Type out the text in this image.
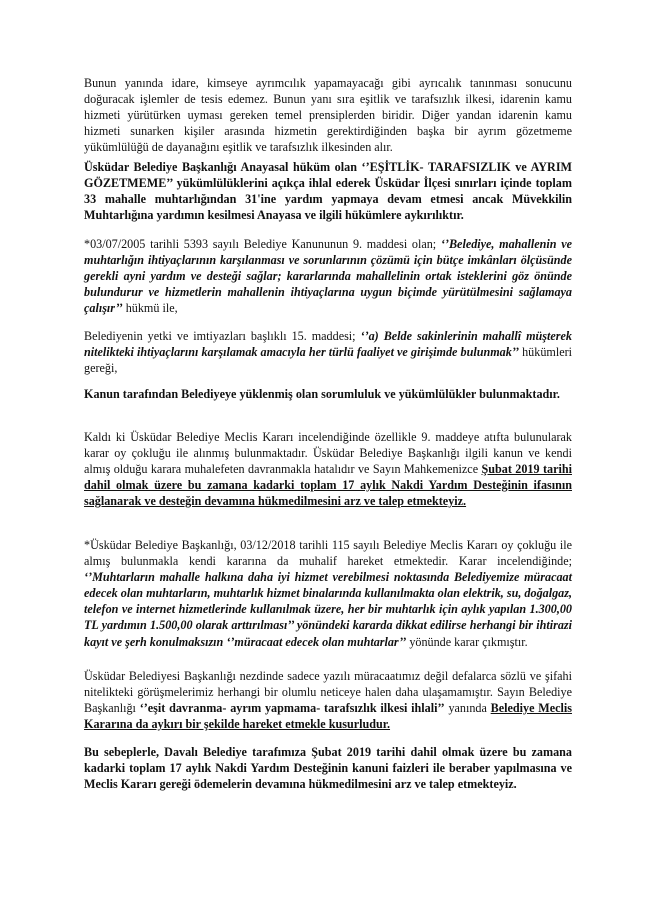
Bunun yanında idare, kimseye ayrımcılık yapamayacağı gibi ayrıcalık tanınması sonucunu doğuracak işlemler de tesis edemez. Bunun yanı sıra eşitlik ve tarafsızlık ilkesi, idarenin kamu hizmeti yürütürken uyması gereken temel prensiplerden biridir. Diğer yandan idarenin kamu hizmeti sunarken kişiler arasında hizmetin gerektirdiğinden başka bir ayrım gözetmeme yükümlülüğü de dayanağını eşitlik ve tarafsızlık ilkesinden alır.

Üsküdar Belediye Başkanlığı Anayasal hüküm olan ‘’EŞİTLİK- TARAFSIZLIK ve AYRIM GÖZETMEME’’ yükümlülüklerini açıkça ihlal ederek Üsküdar İlçesi sınırları içinde toplam 33 mahalle muhtarlığından 31'ine yardım yapmaya devam etmesi ancak Müvekkilin Muhtarlığına yardımın kesilmesi Anayasa ve ilgili hükümlere aykırılıktır.

*03/07/2005 tarihli 5393 sayılı Belediye Kanununun 9. maddesi olan; ‘’Belediye, mahallenin ve muhtarlığın ihtiyaçlarının karşılanması ve sorunlarının çözümü için bütçe imkânları ölçüsünde gerekli ayni yardım ve desteği sağlar; kararlarında mahallelinin ortak isteklerini göz önünde bulundurur ve hizmetlerin mahallenin ihtiyaçlarına uygun biçimde yürütülmesini sağlamaya çalışır’’ hükmü ile,

Belediyenin yetki ve imtiyazları başlıklı 15. maddesi; ‘’a) Belde sakinlerinin mahallî müşterek nitelikteki ihtiyaçlarını karşılamak amacıyla her türlü faaliyet ve girişimde bulunmak’’ hükümleri gereği,

Kanun tarafından Belediyeye yüklenmiş olan sorumluluk ve yükümlülükler bulunmaktadır.

Kaldı ki Üsküdar Belediye Meclis Kararı incelendiğinde özellikle 9. maddeye atıfta bulunularak karar oy çokluğu ile alınmış bulunmaktadır. Üsküdar Belediye Başkanlığı ilgili kanun ve kendi almış olduğu karara muhalefeten davranmakla hatalıdır ve Sayın Mahkemenizce Şubat 2019 tarihi dahil olmak üzere bu zamana kadarki toplam 17 aylık Nakdi Yardım Desteğinin ifasının sağlanarak ve desteğin devamına hükmedilmesini arz ve talep etmekteyiz.

*Üsküdar Belediye Başkanlığı, 03/12/2018 tarihli 115 sayılı Belediye Meclis Kararı oy çokluğu ile almış bulunmakla kendi kararına da muhalif hareket etmektedir. Karar incelendiğinde; ‘’Muhtarların mahalle halkına daha iyi hizmet verebilmesi noktasında Belediyemize müracaat edecek olan muhtarların, muhtarlık hizmet binalarında kullanılmakta olan elektrik, su, doğalgaz, telefon ve internet hizmetlerinde kullanılmak üzere, her bir muhtarlık için aylık yapılan 1.300,00 TL yardımın 1.500,00 olarak arttırılması’’ yönündeki kararda dikkat edilirse herhangi bir ihtirazi kayıt ve şerh konulmaksızın ‘’müracaat edecek olan muhtarlar’’ yönünde karar çıkmıştır.

Üsküdar Belediyesi Başkanlığı nezdinde sadece yazılı müracaatımız değil defalarca sözlü ve şifahi nitelikteki görüşmelerimiz herhangi bir olumlu neticeye halen daha ulaşamamıştır. Sayın Belediye Başkanlığı ‘’eşit davranma- ayrım yapmama- tarafsızlık ilkesi ihlali’’ yanında Belediye Meclis Kararına da aykırı bir şekilde hareket etmekle kusurludur.

Bu sebeplerle, Davalı Belediye tarafımıza Şubat 2019 tarihi dahil olmak üzere bu zamana kadarki toplam 17 aylık Nakdi Yardım Desteğinin kanuni faizleri ile beraber yapılmasına ve Meclis Kararı gereği ödemelerin devamına hükmedilmesini arz ve talep etmekteyiz.
